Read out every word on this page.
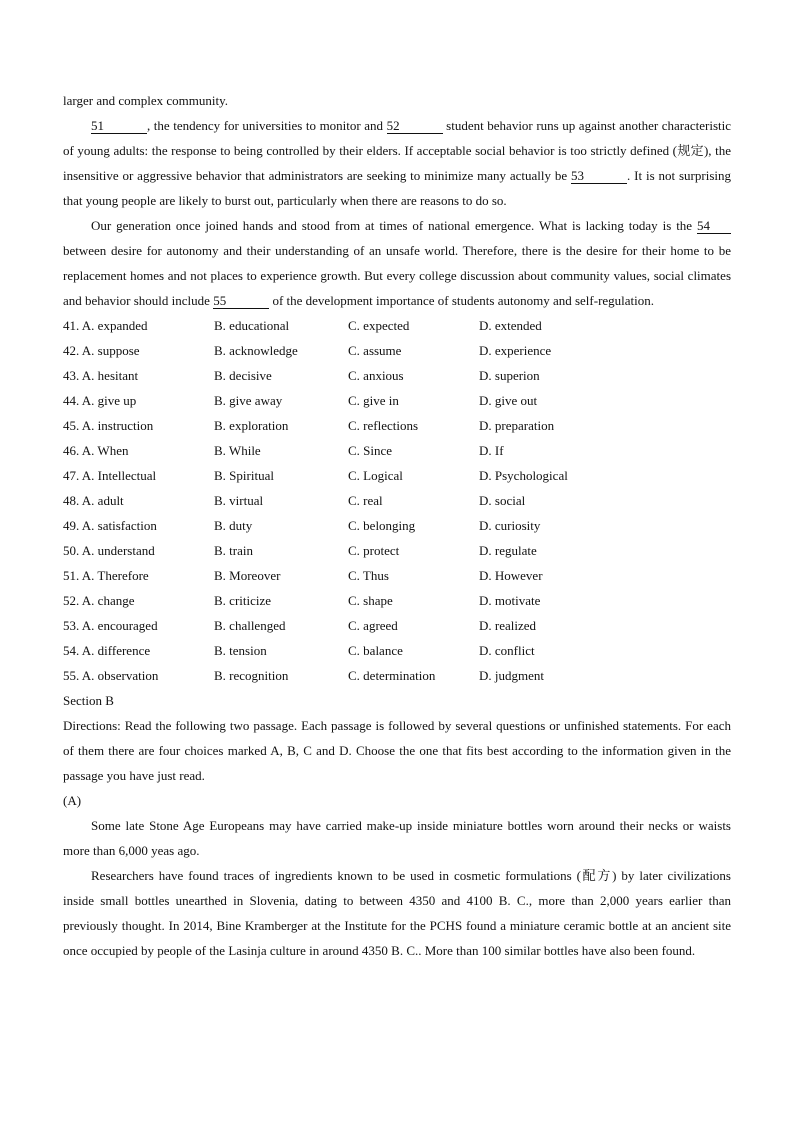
larger and complex community.

51	, the tendency for universities to monitor and 52	student behavior runs up against another characteristic of young adults: the response to being controlled by their elders. If acceptable social behavior is too strictly defined (规定), the insensitive or aggressive behavior that administrators are seeking to minimize many actually be 53	. It is not surprising that young people are likely to burst out, particularly when there are reasons to do so.

Our generation once joined hands and stood from at times of national emergence. What is lacking today is the 54 between desire for autonomy and their understanding of an unsafe world. Therefore, there is the desire for their home to be replacement homes and not places to experience growth. But every college discussion about community values, social climates and behavior should include 55	of the development importance of students autonomy and self-regulation.

41. A. expanded	B. educational	C. expected	D. extended
42. A. suppose	B. acknowledge	C. assume	D. experience
43. A. hesitant	B. decisive	C. anxious	D. superion
44. A. give up	B. give away	C. give in	D. give out
45. A. instruction	B. exploration	C. reflections	D. preparation
46. A. When	B. While	C. Since	D. If
47. A. Intellectual	B. Spiritual	C. Logical	D. Psychological
48. A. adult	B. virtual	C. real	D. social
49. A. satisfaction	B. duty	C. belonging	D. curiosity
50. A. understand	B. train	C. protect	D. regulate
51. A. Therefore	B. Moreover	C. Thus	D. However
52. A. change	B. criticize	C. shape	D. motivate
53. A. encouraged	B. challenged	C. agreed	D. realized
54. A. difference	B. tension	C. balance	D. conflict
55. A. observation	B. recognition	C. determination	D. judgment

Section B

Directions: Read the following two passage. Each passage is followed by several questions or unfinished statements. For each of them there are four choices marked A, B, C and D. Choose the one that fits best according to the information given in the passage you have just read.

(A)

Some late Stone Age Europeans may have carried make-up inside miniature bottles worn around their necks or waists more than 6,000 yeas ago.

Researchers have found traces of ingredients known to be used in cosmetic formulations (配方) by later civilizations inside small bottles unearthed in Slovenia, dating to between 4350 and 4100 B. C., more than 2,000 years earlier than previously thought. In 2014, Bine Kramberger at the Institute for the PCHS found a miniature ceramic bottle at an ancient site once occupied by people of the Lasinja culture in around 4350 B. C.. More than 100 similar bottles have also been found.
